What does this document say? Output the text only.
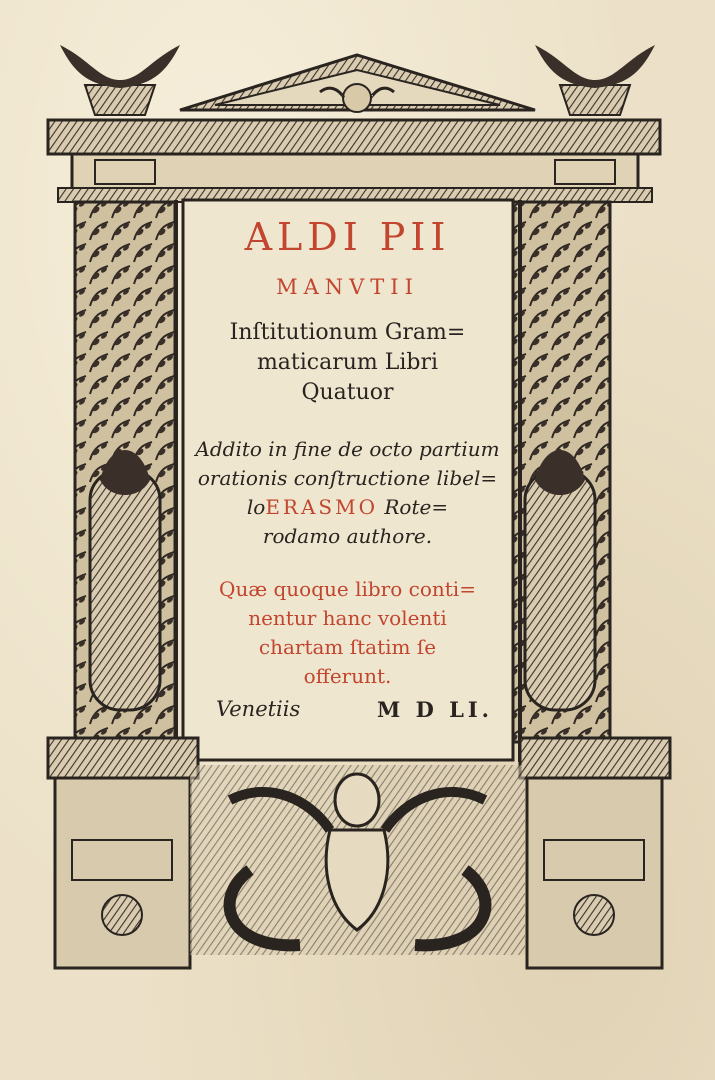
ALDI PII
MANVTII
Inſtitutionum Gram=
maticarum Libri
Quatuor
Addito in fine de octo partium
orationis conſtructione libel=
loERASMO Rote=
rodamo authore.
Quæ quoque libro conti=
nentur hanc volenti
chartam ſtatim ſe
offerunt.
Venetiis	M D LI.
